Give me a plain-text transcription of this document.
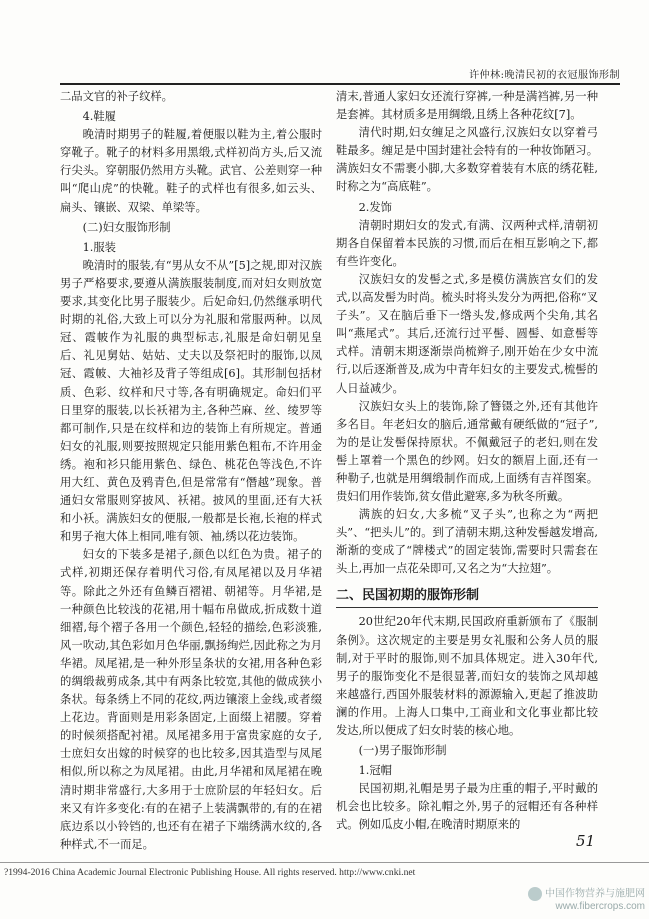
许仲林:晚清民初的衣冠服饰形制

二品文官的补子纹样。

4.鞋履

晚清时期男子的鞋履,着便服以鞋为主,着公服时穿靴子。靴子的材料多用黑缎,式样初尚方头,后又流行尖头。穿朝服仍然用方头靴。武官、公差则穿一种叫“爬山虎”的快靴。鞋子的式样也有很多,如云头、扁头、镶嵌、双梁、单梁等。

(二)妇女服饰形制

1.服装

晚清时的服装,有“男从女不从”[5]之规,即对汉族男子严格要求,要遵从满族服装制度,而对妇女则放宽要求,其变化比男子服装少。后妃命妇,仍然继承明代时期的礼俗,大致上可以分为礼服和常服两种。以凤冠、霞帔作为礼服的典型标志,礼服是命妇朝见皇后、礼见舅姑、姑姑、丈夫以及祭祀时的服饰,以凤冠、霞帔、大袖衫及背子等组成[6]。其形制包括材质、色彩、纹样和尺寸等,各有明确规定。命妇们平日里穿的服装,以长袄裙为主,各种苎麻、丝、绫罗等都可制作,只是在纹样和边的装饰上有所规定。普通妇女的礼服,则要按照规定只能用紫色粗布,不许用金绣。袍和衫只能用紫色、绿色、桃花色等浅色,不许用大红、黄色及鸦青色,但是常常有“僭越”现象。普通妇女常服则穿披风、袄裙。披风的里面,还有大袄和小袄。满族妇女的便服,一般都是长袍,长袍的样式和男子袍大体上相同,唯有领、袖,绣以花边装饰。

妇女的下装多是裙子,颜色以红色为贵。裙子的式样,初期还保存着明代习俗,有凤尾裙以及月华裙等。除此之外还有鱼鳞百褶裙、朝裙等。月华裙,是一种颜色比较浅的花裙,用十幅布帛做成,折成数十道细褶,每个褶子各用一个颜色,轻轻的描绘,色彩淡雅,风一吹动,其色彩如月色华丽,飘扬绚烂,因此称之为月华裙。凤尾裙,是一种外形呈条状的女裙,用各种色彩的绸缎裁剪成条,其中有两条比较宽,其他的做成狭小条状。每条绣上不同的花纹,两边镶滚上金线,或者缀上花边。背面则是用彩条固定,上面缀上裙腰。穿着的时候须搭配衬裙。凤尾裙多用于富贵家庭的女子,士庶妇女出嫁的时候穿的也比较多,因其造型与凤尾相似,所以称之为凤尾裙。由此,月华裙和凤尾裙在晚清时期非常盛行,大多用于士庶阶层的年轻妇女。后来又有许多变化:有的在裙子上装满飘带的,有的在裙底边系以小铃铛的,也还有在裙子下端绣满水纹的,各种样式,不一而足。

清末,普通人家妇女还流行穿裤,一种是满裆裤,另一种是套裤。其材质多是用绸缎,且绣上各种花纹[7]。

清代时期,妇女缠足之风盛行,汉族妇女以穿着弓鞋最多。缠足是中国封建社会特有的一种妆饰陋习。满族妇女不需裹小脚,大多数穿着装有木底的绣花鞋,时称之为“高底鞋”。

2.发饰

清朝时期妇女的发式,有满、汉两种式样,清朝初期各自保留着本民族的习惯,而后在相互影响之下,都有些许变化。

汉族妇女的发髻之式,多是模仿满族宫女们的发式,以高发髻为时尚。梳头时将头发分为两把,俗称“叉子头”。又在脑后垂下一绺头发,修成两个尖角,其名叫“燕尾式”。其后,还流行过平髻、圆髻、如意髻等式样。清朝末期逐渐崇尚梳辫子,刚开始在少女中流行,以后逐渐普及,成为中青年妇女的主要发式,梳髻的人日益减少。

汉族妇女头上的装饰,除了簪镊之外,还有其他许多名目。年老妇女的脑后,通常戴有硬纸做的“冠子”,为的是让发髻保持原状。不佩戴冠子的老妇,则在发髻上罩着一个黑色的纱网。妇女的额眉上面,还有一种勒子,也就是用绸缎制作而成,上面绣有吉祥图案。贵妇们用作装饰,贫女借此避寒,多为秋冬所戴。

满族的妇女,大多梳“叉子头”,也称之为“两把头”、“把头儿”的。到了清朝末期,这种发髻越发增高,渐渐的变成了“牌楼式”的固定装饰,需要时只需套在头上,再加一点花朵即可,又名之为“大拉翅”。

二、民国初期的服饰形制

20世纪20年代末期,民国政府重新颁布了《服制条例》。这次规定的主要是男女礼服和公务人员的服制,对于平时的服饰,则不加具体规定。进入30年代,男子的服饰变化不是很显著,而妇女的装饰之风却越来越盛行,西国外服装材料的源源输入,更起了推波助澜的作用。上海人口集中,工商业和文化事业都比较发达,所以便成了妇女时装的核心地。

(一)男子服饰形制

1.冠帽

民国初期,礼帽是男子最为庄重的帽子,平时戴的机会也比较多。除礼帽之外,男子的冠帽还有各种样式。例如瓜皮小帽,在晚清时期原来的

51
?1994-2016 China Academic Journal Electronic Publishing House. All rights reserved. http://www.cnki.net
中国作物营养与施肥网
www.fibercrops.com
